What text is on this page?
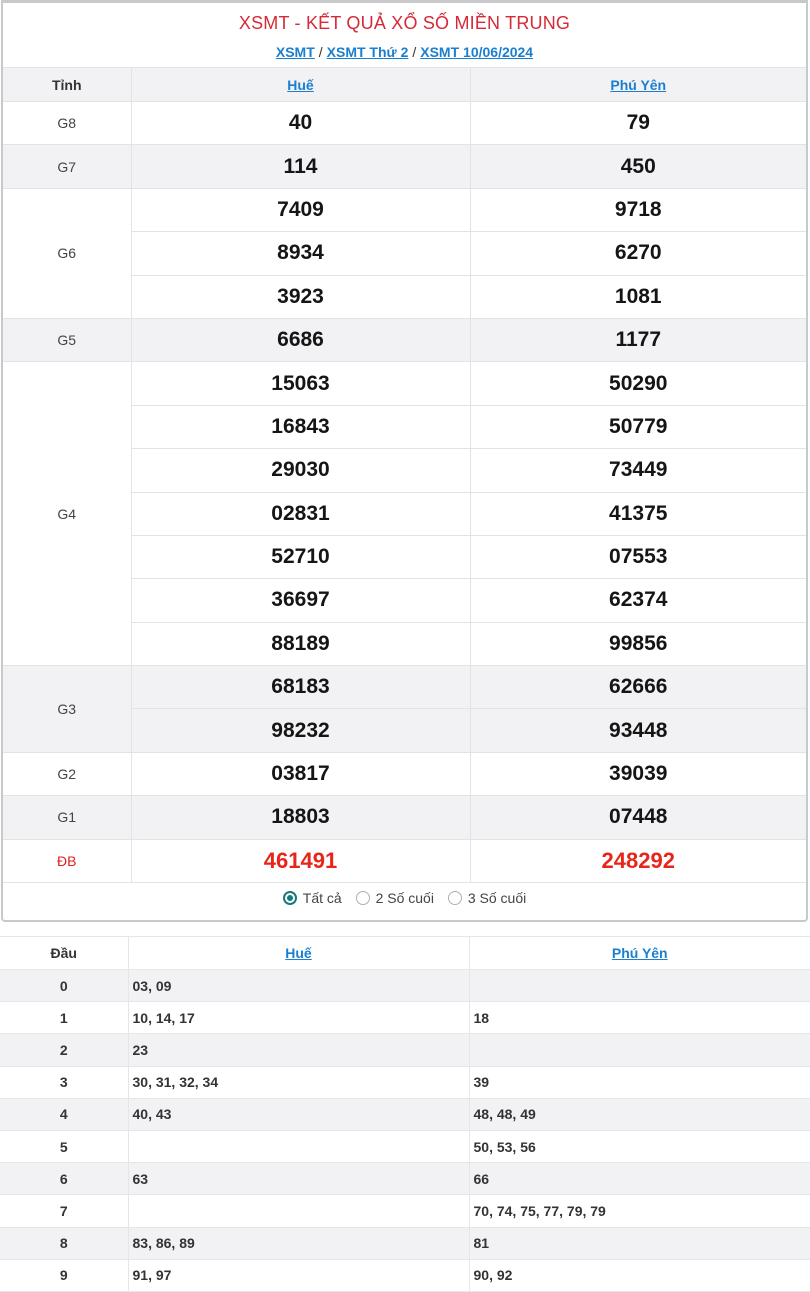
XSMT - KẾT QUẢ XỔ SỐ MIỀN TRUNG
XSMT / XSMT Thứ 2 / XSMT 10/06/2024
Tỉnh	Huế	Phú Yên
G8	40	79
G7	114	450
G6	7409	9718
	8934	6270
	3923	1081
G5	6686	1177
G4	15063	50290
	16843	50779
	29030	73449
	02831	41375
	52710	07553
	36697	62374
	88189	99856
G3	68183	62666
	98232	93448
G2	03817	39039
G1	18803	07448
ĐB	461491	248292
Tất cả
2 Số cuối
3 Số cuối
Đầu	Huế	Phú Yên
0	03, 09	
1	10, 14, 17	18
2	23	
3	30, 31, 32, 34	39
4	40, 43	48, 48, 49
5		50, 53, 56
6	63	66
7		70, 74, 75, 77, 79, 79
8	83, 86, 89	81
9	91, 97	90, 92
